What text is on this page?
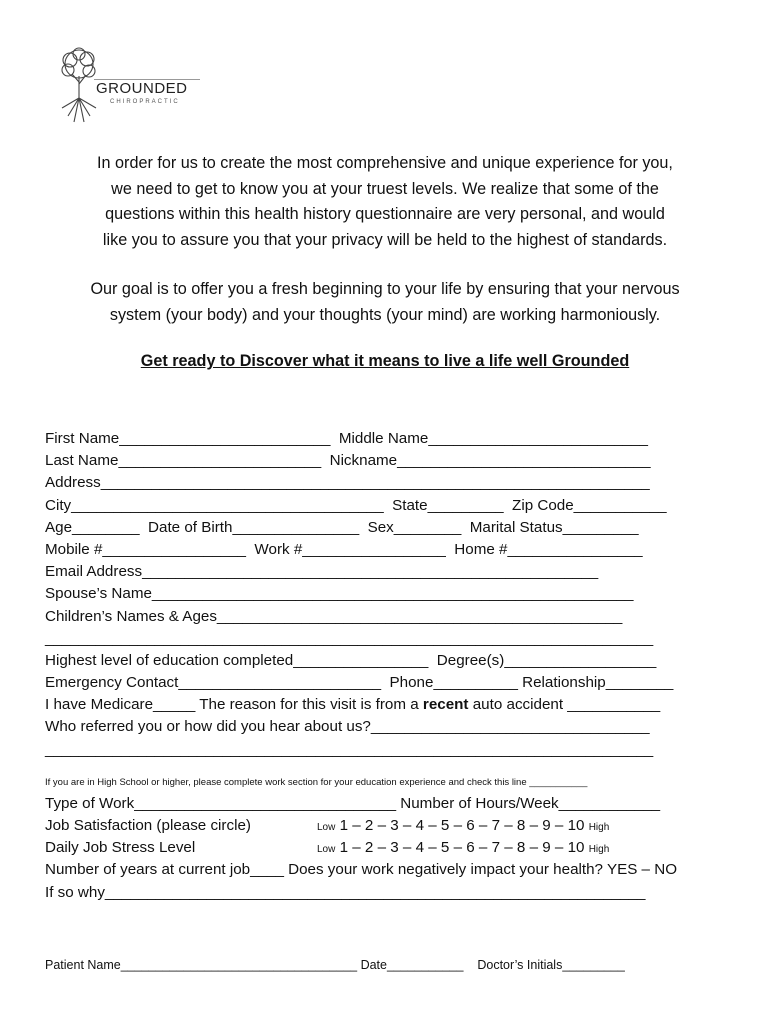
GROUNDED
CHIROPRACTIC
In order for us to create the most comprehensive and unique experience for you,
we need to get to know you at your truest levels. We realize that some of the
questions within this health history questionnaire are very personal, and would
like you to assure you that your privacy will be held to the highest of standards.
Our goal is to offer you a fresh beginning to your life by ensuring that your nervous
system (your body) and your thoughts (your mind) are working harmoniously.
Get ready to Discover what it means to live a life well Grounded
First Name_________________________  Middle Name__________________________
Last Name________________________  Nickname______________________________
Address_________________________________________________________________
City_____________________________________  State_________  Zip Code___________
Age________  Date of Birth_______________  Sex________  Marital Status_________
Mobile #_________________  Work #_________________  Home #________________
Email Address______________________________________________________
Spouse’s Name_________________________________________________________
Children’s Names & Ages________________________________________________
________________________________________________________________________
Highest level of education completed________________  Degree(s)__________________
Emergency Contact________________________  Phone__________ Relationship________
I have Medicare_____ The reason for this visit is from a recent auto accident ___________
Who referred you or how did you hear about us?_________________________________
________________________________________________________________________
If you are in High School or higher, please complete work section for your education experience and check this line ___________
Type of Work_______________________________ Number of Hours/Week____________
Job Satisfaction (please circle)	Low 1 – 2 – 3 – 4 – 5 – 6 – 7 – 8 – 9 – 10 High
Daily Job Stress Level	Low 1 – 2 – 3 – 4 – 5 – 6 – 7 – 8 – 9 – 10 High
Number of years at current job____ Does your work negatively impact your health? YES – NO
If so why________________________________________________________________
Patient Name__________________________________ Date___________    Doctor’s Initials_________
